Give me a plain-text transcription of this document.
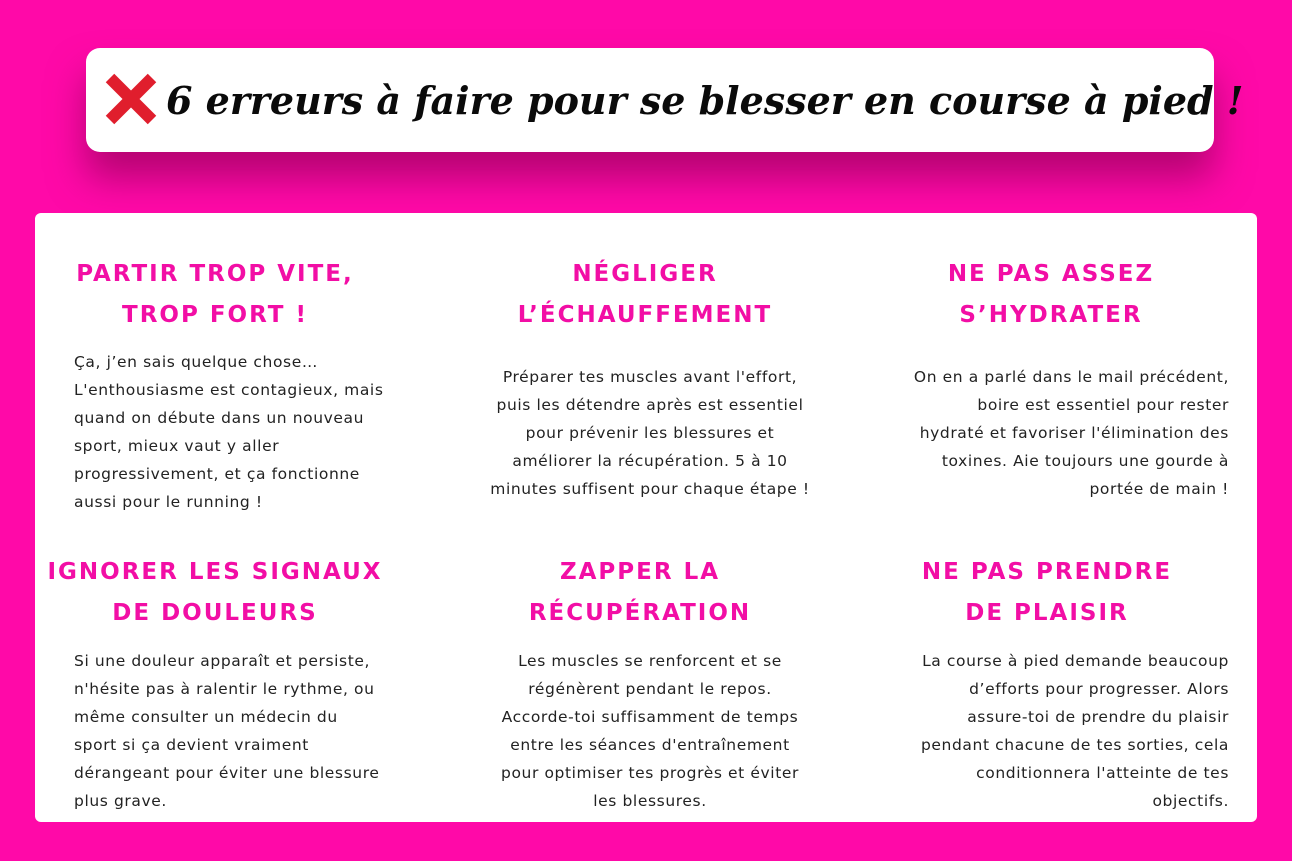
6 erreurs à faire pour se blesser en course à pied !
PARTIR TROP VITE,
TROP FORT !
Ça, j’en sais quelque chose…
L'enthousiasme est contagieux, mais
quand on débute dans un nouveau
sport, mieux vaut y aller
progressivement, et ça fonctionne
aussi pour le running !
NÉGLIGER
L’ÉCHAUFFEMENT
Préparer tes muscles avant l'effort,
puis les détendre après est essentiel
pour prévenir les blessures et
améliorer la récupération. 5 à 10
minutes suffisent pour chaque étape !
NE PAS ASSEZ
S’HYDRATER
On en a parlé dans le mail précédent,
boire est essentiel pour rester
hydraté et favoriser l'élimination des
toxines. Aie toujours une gourde à
portée de main !
IGNORER LES SIGNAUX
DE DOULEURS
Si une douleur apparaît et persiste,
n'hésite pas à ralentir le rythme, ou
même consulter un médecin du
sport si ça devient vraiment
dérangeant pour éviter une blessure
plus grave.
ZAPPER LA
RÉCUPÉRATION
Les muscles se renforcent et se
régénèrent pendant le repos.
Accorde-toi suffisamment de temps
entre les séances d'entraînement
pour optimiser tes progrès et éviter
les blessures.
NE PAS PRENDRE
DE PLAISIR
La course à pied demande beaucoup
d’efforts pour progresser. Alors
assure-toi de prendre du plaisir
pendant chacune de tes sorties, cela
conditionnera l'atteinte de tes
objectifs.
